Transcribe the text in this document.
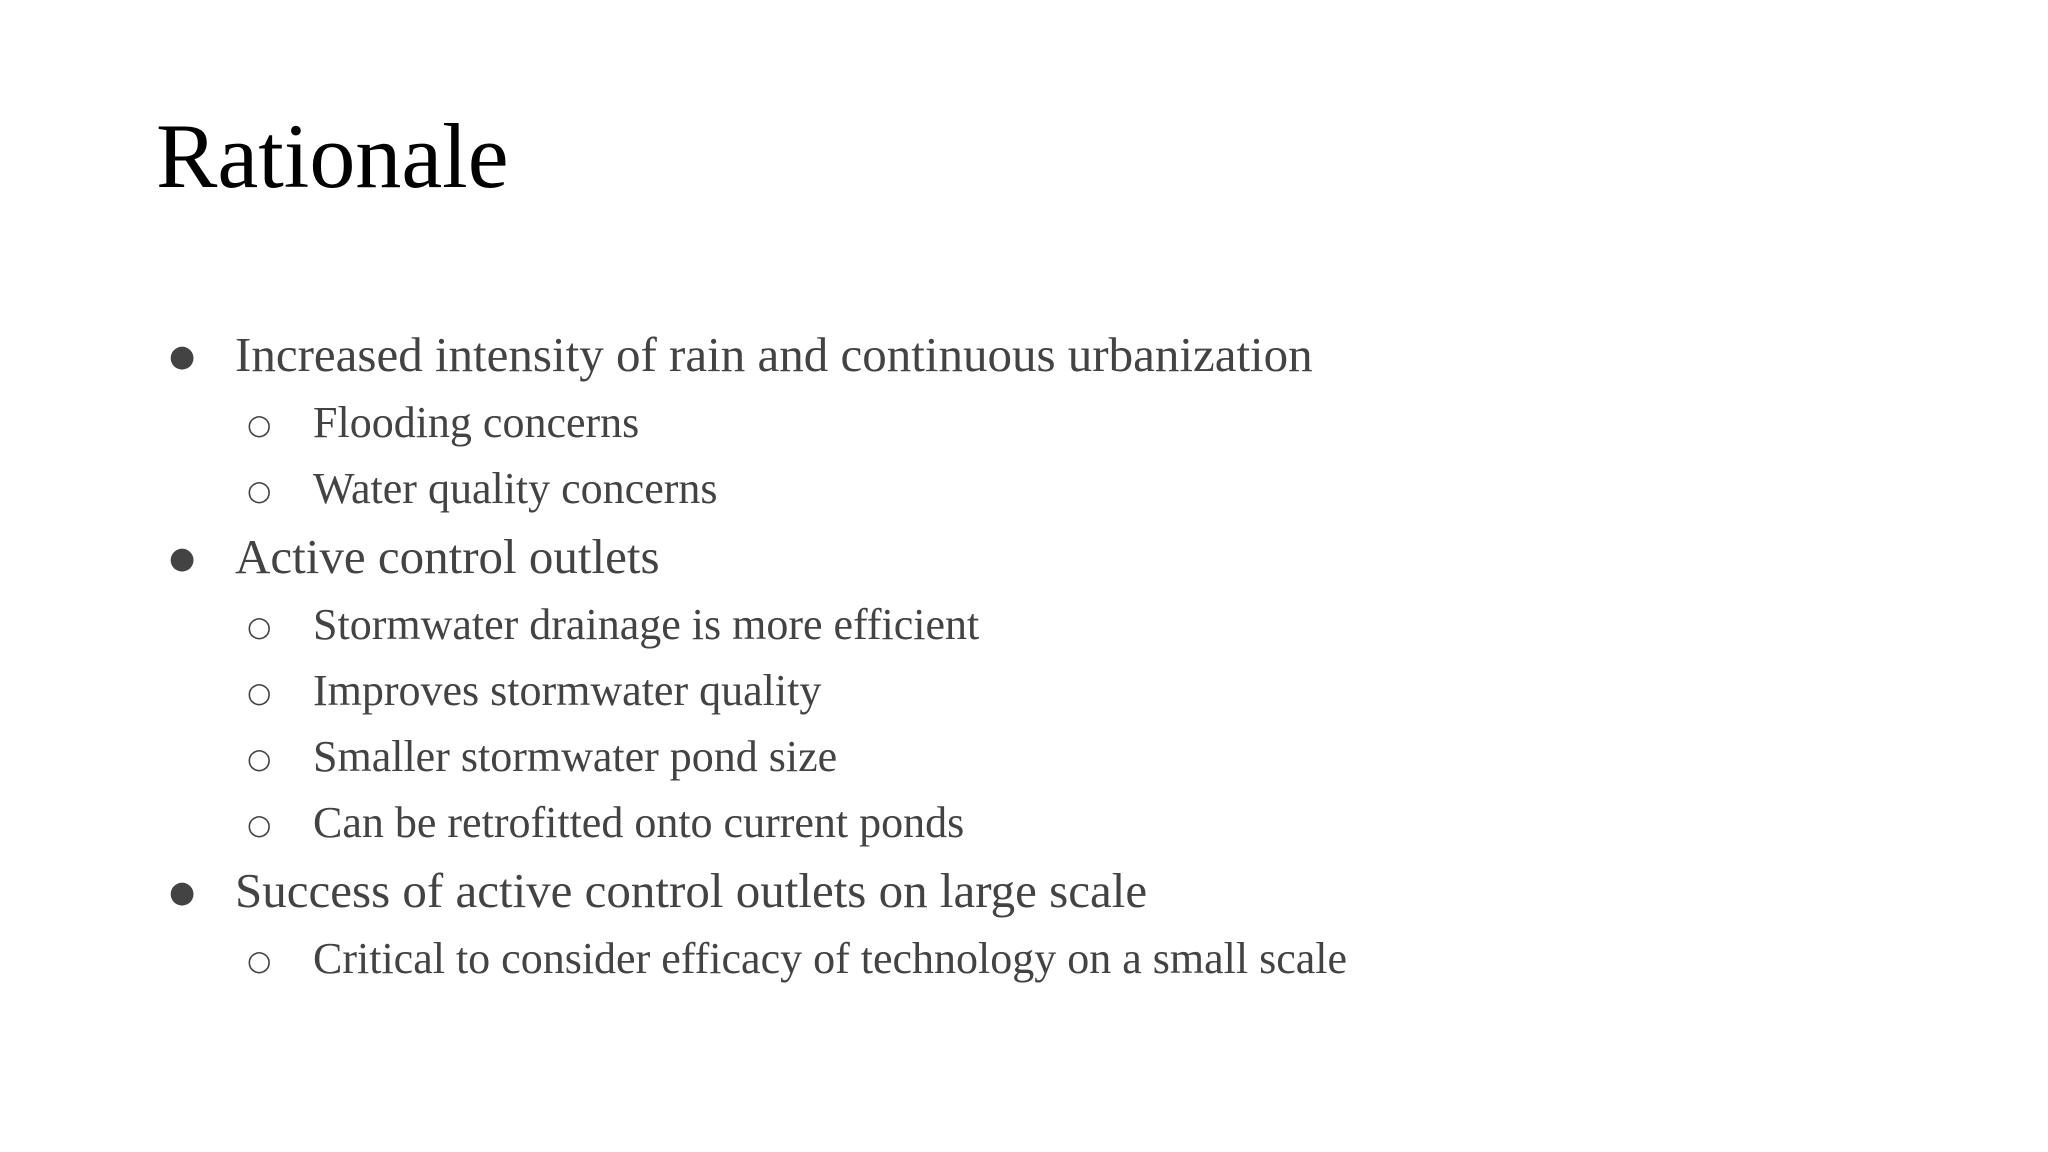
Rationale
● Increased intensity of rain and continuous urbanization
○ Flooding concerns
○ Water quality concerns
● Active control outlets
○ Stormwater drainage is more efficient
○ Improves stormwater quality
○ Smaller stormwater pond size
○ Can be retrofitted onto current ponds
● Success of active control outlets on large scale
○ Critical to consider efficacy of technology on a small scale
